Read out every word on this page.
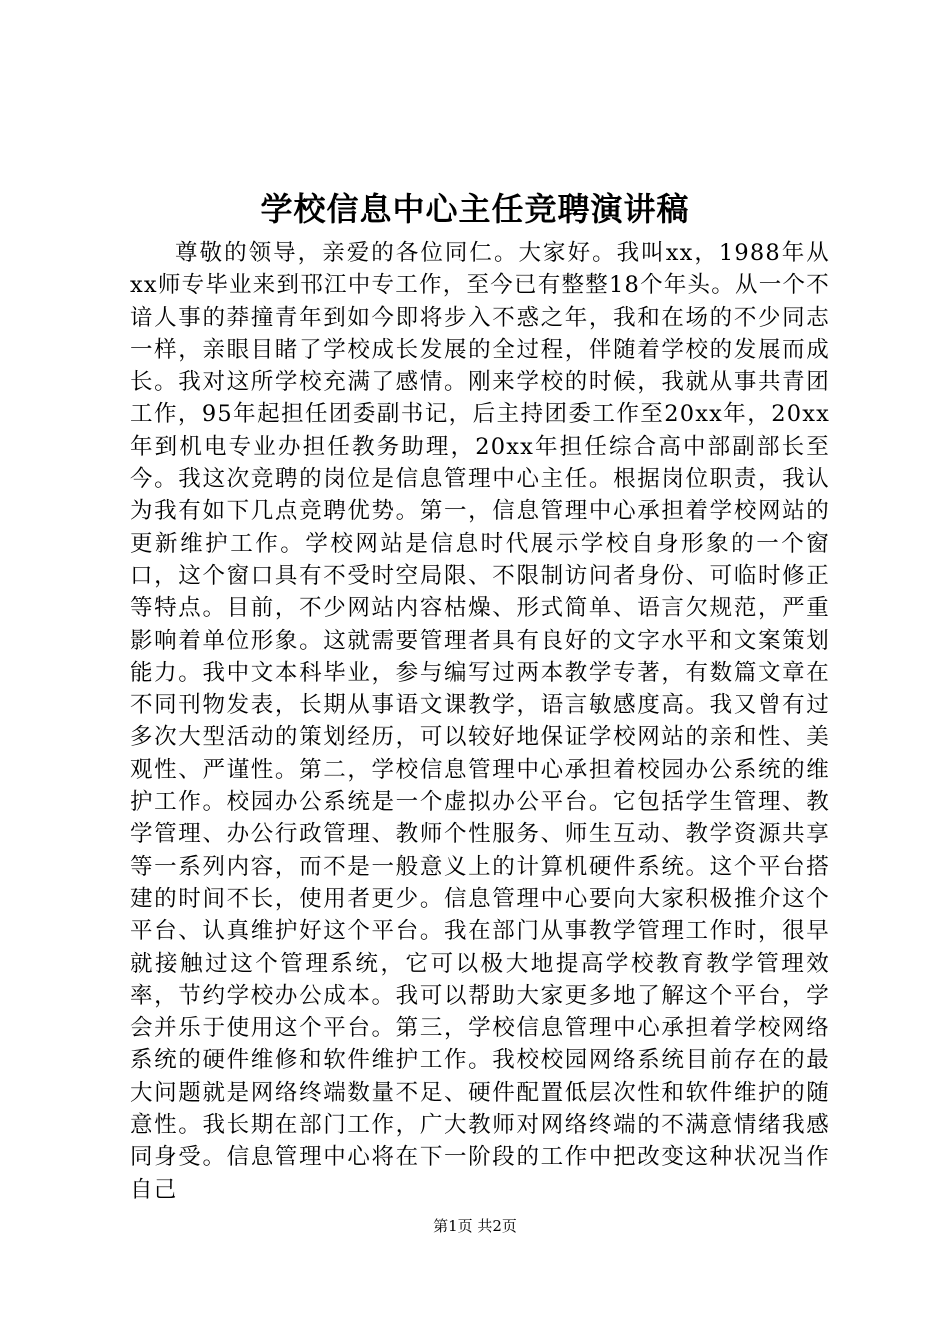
学校信息中心主任竞聘演讲稿

尊敬的领导，亲爱的各位同仁。大家好。我叫xx，1988年从xx师专毕业来到邗江中专工作，至今已有整整18个年头。从一个不谙人事的莽撞青年到如今即将步入不惑之年，我和在场的不少同志一样，亲眼目睹了学校成长发展的全过程，伴随着学校的发展而成长。我对这所学校充满了感情。刚来学校的时候，我就从事共青团工作，95年起担任团委副书记，后主持团委工作至20xx年，20xx年到机电专业办担任教务助理，20xx年担任综合高中部副部长至今。我这次竞聘的岗位是信息管理中心主任。根据岗位职责，我认为我有如下几点竞聘优势。第一，信息管理中心承担着学校网站的更新维护工作。学校网站是信息时代展示学校自身形象的一个窗口，这个窗口具有不受时空局限、不限制访问者身份、可临时修正等特点。目前，不少网站内容枯燥、形式简单、语言欠规范，严重影响着单位形象。这就需要管理者具有良好的文字水平和文案策划能力。我中文本科毕业，参与编写过两本教学专著，有数篇文章在不同刊物发表，长期从事语文课教学，语言敏感度高。我又曾有过多次大型活动的策划经历，可以较好地保证学校网站的亲和性、美观性、严谨性。第二，学校信息管理中心承担着校园办公系统的维护工作。校园办公系统是一个虚拟办公平台。它包括学生管理、教学管理、办公行政管理、教师个性服务、师生互动、教学资源共享等一系列内容，而不是一般意义上的计算机硬件系统。这个平台搭建的时间不长，使用者更少。信息管理中心要向大家积极推介这个平台、认真维护好这个平台。我在部门从事教学管理工作时，很早就接触过这个管理系统，它可以极大地提高学校教育教学管理效率，节约学校办公成本。我可以帮助大家更多地了解这个平台，学会并乐于使用这个平台。第三，学校信息管理中心承担着学校网络系统的硬件维修和软件维护工作。我校校园网络系统目前存在的最大问题就是网络终端数量不足、硬件配置低层次性和软件维护的随意性。我长期在部门工作，广大教师对网络终端的不满意情绪我感同身受。信息管理中心将在下一阶段的工作中把改变这种状况当作自己

第1页 共2页
